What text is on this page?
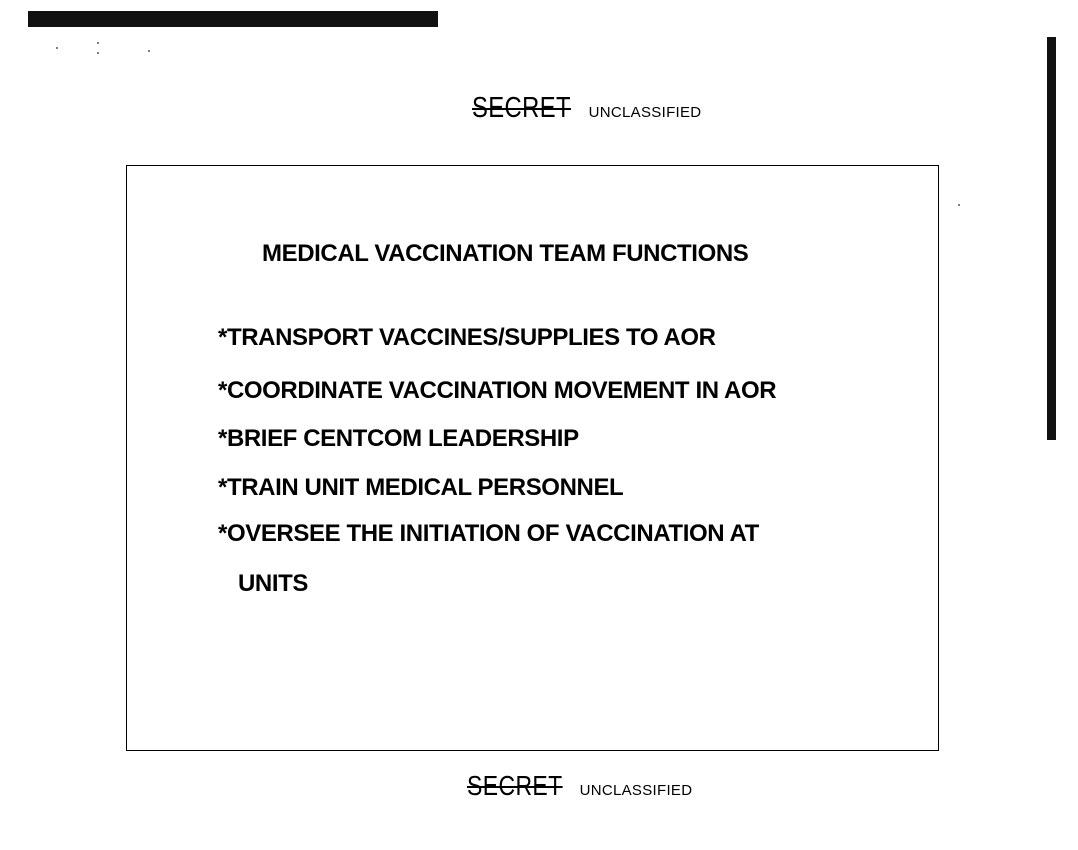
SECRET UNCLASSIFIED
MEDICAL VACCINATION TEAM FUNCTIONS
*TRANSPORT VACCINES/SUPPLIES TO AOR
*COORDINATE VACCINATION MOVEMENT IN AOR
*BRIEF CENTCOM LEADERSHIP
*TRAIN UNIT MEDICAL PERSONNEL
*OVERSEE THE INITIATION OF VACCINATION AT
UNITS
SECRET UNCLASSIFIED
